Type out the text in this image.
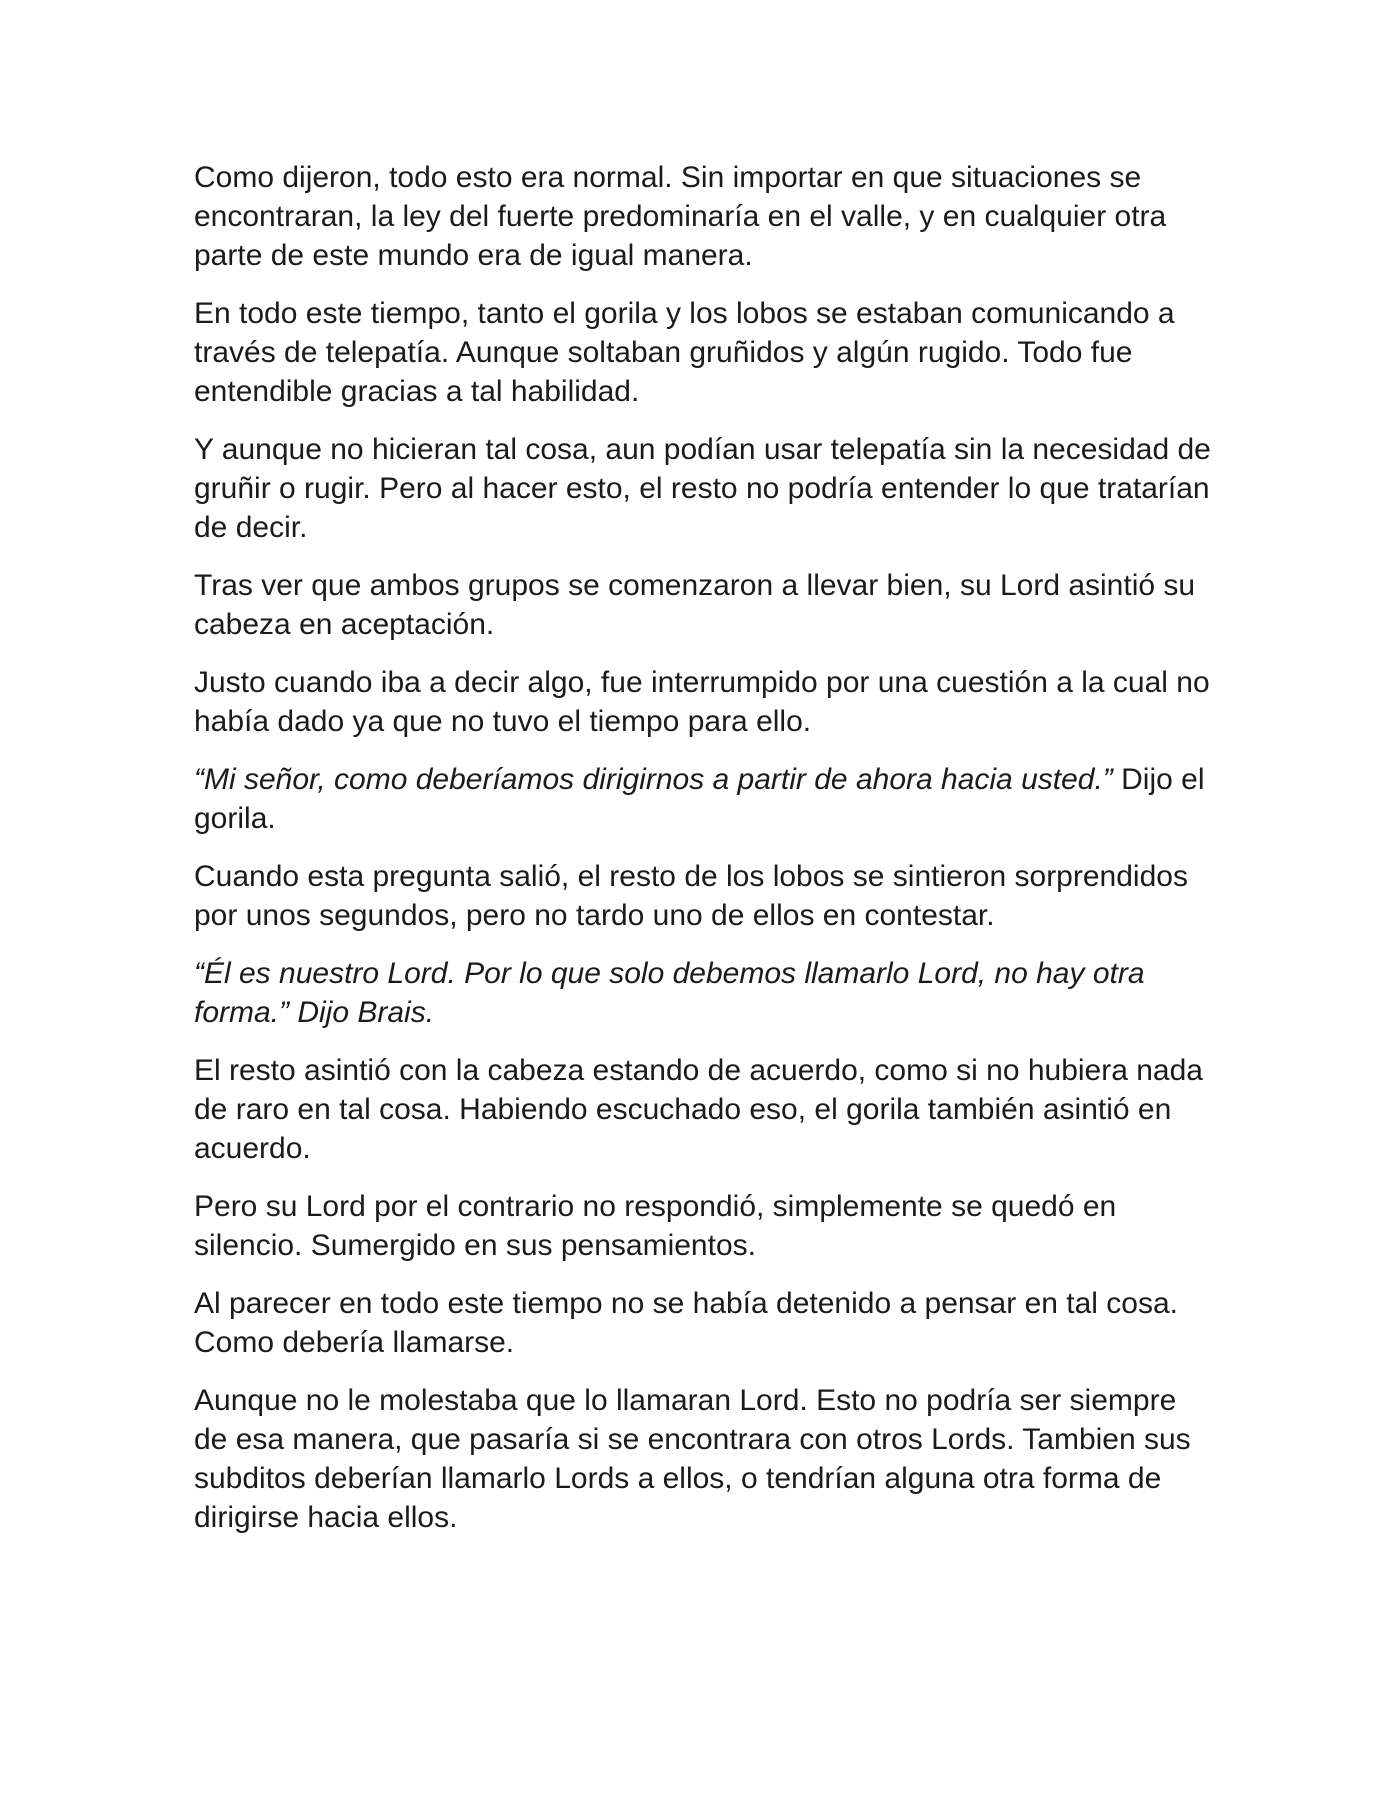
Como dijeron, todo esto era normal. Sin importar en que situaciones se encontraran, la ley del fuerte predominaría en el valle, y en cualquier otra parte de este mundo era de igual manera.

En todo este tiempo, tanto el gorila y los lobos se estaban comunicando a través de telepatía. Aunque soltaban gruñidos y algún rugido. Todo fue entendible gracias a tal habilidad.

Y aunque no hicieran tal cosa, aun podían usar telepatía sin la necesidad de gruñir o rugir. Pero al hacer esto, el resto no podría entender lo que tratarían de decir.

Tras ver que ambos grupos se comenzaron a llevar bien, su Lord asintió su cabeza en aceptación.

Justo cuando iba a decir algo, fue interrumpido por una cuestión a la cual no había dado ya que no tuvo el tiempo para ello.

“Mi señor, como deberíamos dirigirnos a partir de ahora hacia usted.” Dijo el gorila.

Cuando esta pregunta salió, el resto de los lobos se sintieron sorprendidos por unos segundos, pero no tardo uno de ellos en contestar.

“Él es nuestro Lord. Por lo que solo debemos llamarlo Lord, no hay otra forma.” Dijo Brais.

El resto asintió con la cabeza estando de acuerdo, como si no hubiera nada de raro en tal cosa. Habiendo escuchado eso, el gorila también asintió en acuerdo.

Pero su Lord por el contrario no respondió, simplemente se quedó en silencio. Sumergido en sus pensamientos.

Al parecer en todo este tiempo no se había detenido a pensar en tal cosa. Como debería llamarse.

Aunque no le molestaba que lo llamaran Lord. Esto no podría ser siempre de esa manera, que pasaría si se encontrara con otros Lords. Tambien sus subditos deberían llamarlo Lords a ellos, o tendrían alguna otra forma de dirigirse hacia ellos.
